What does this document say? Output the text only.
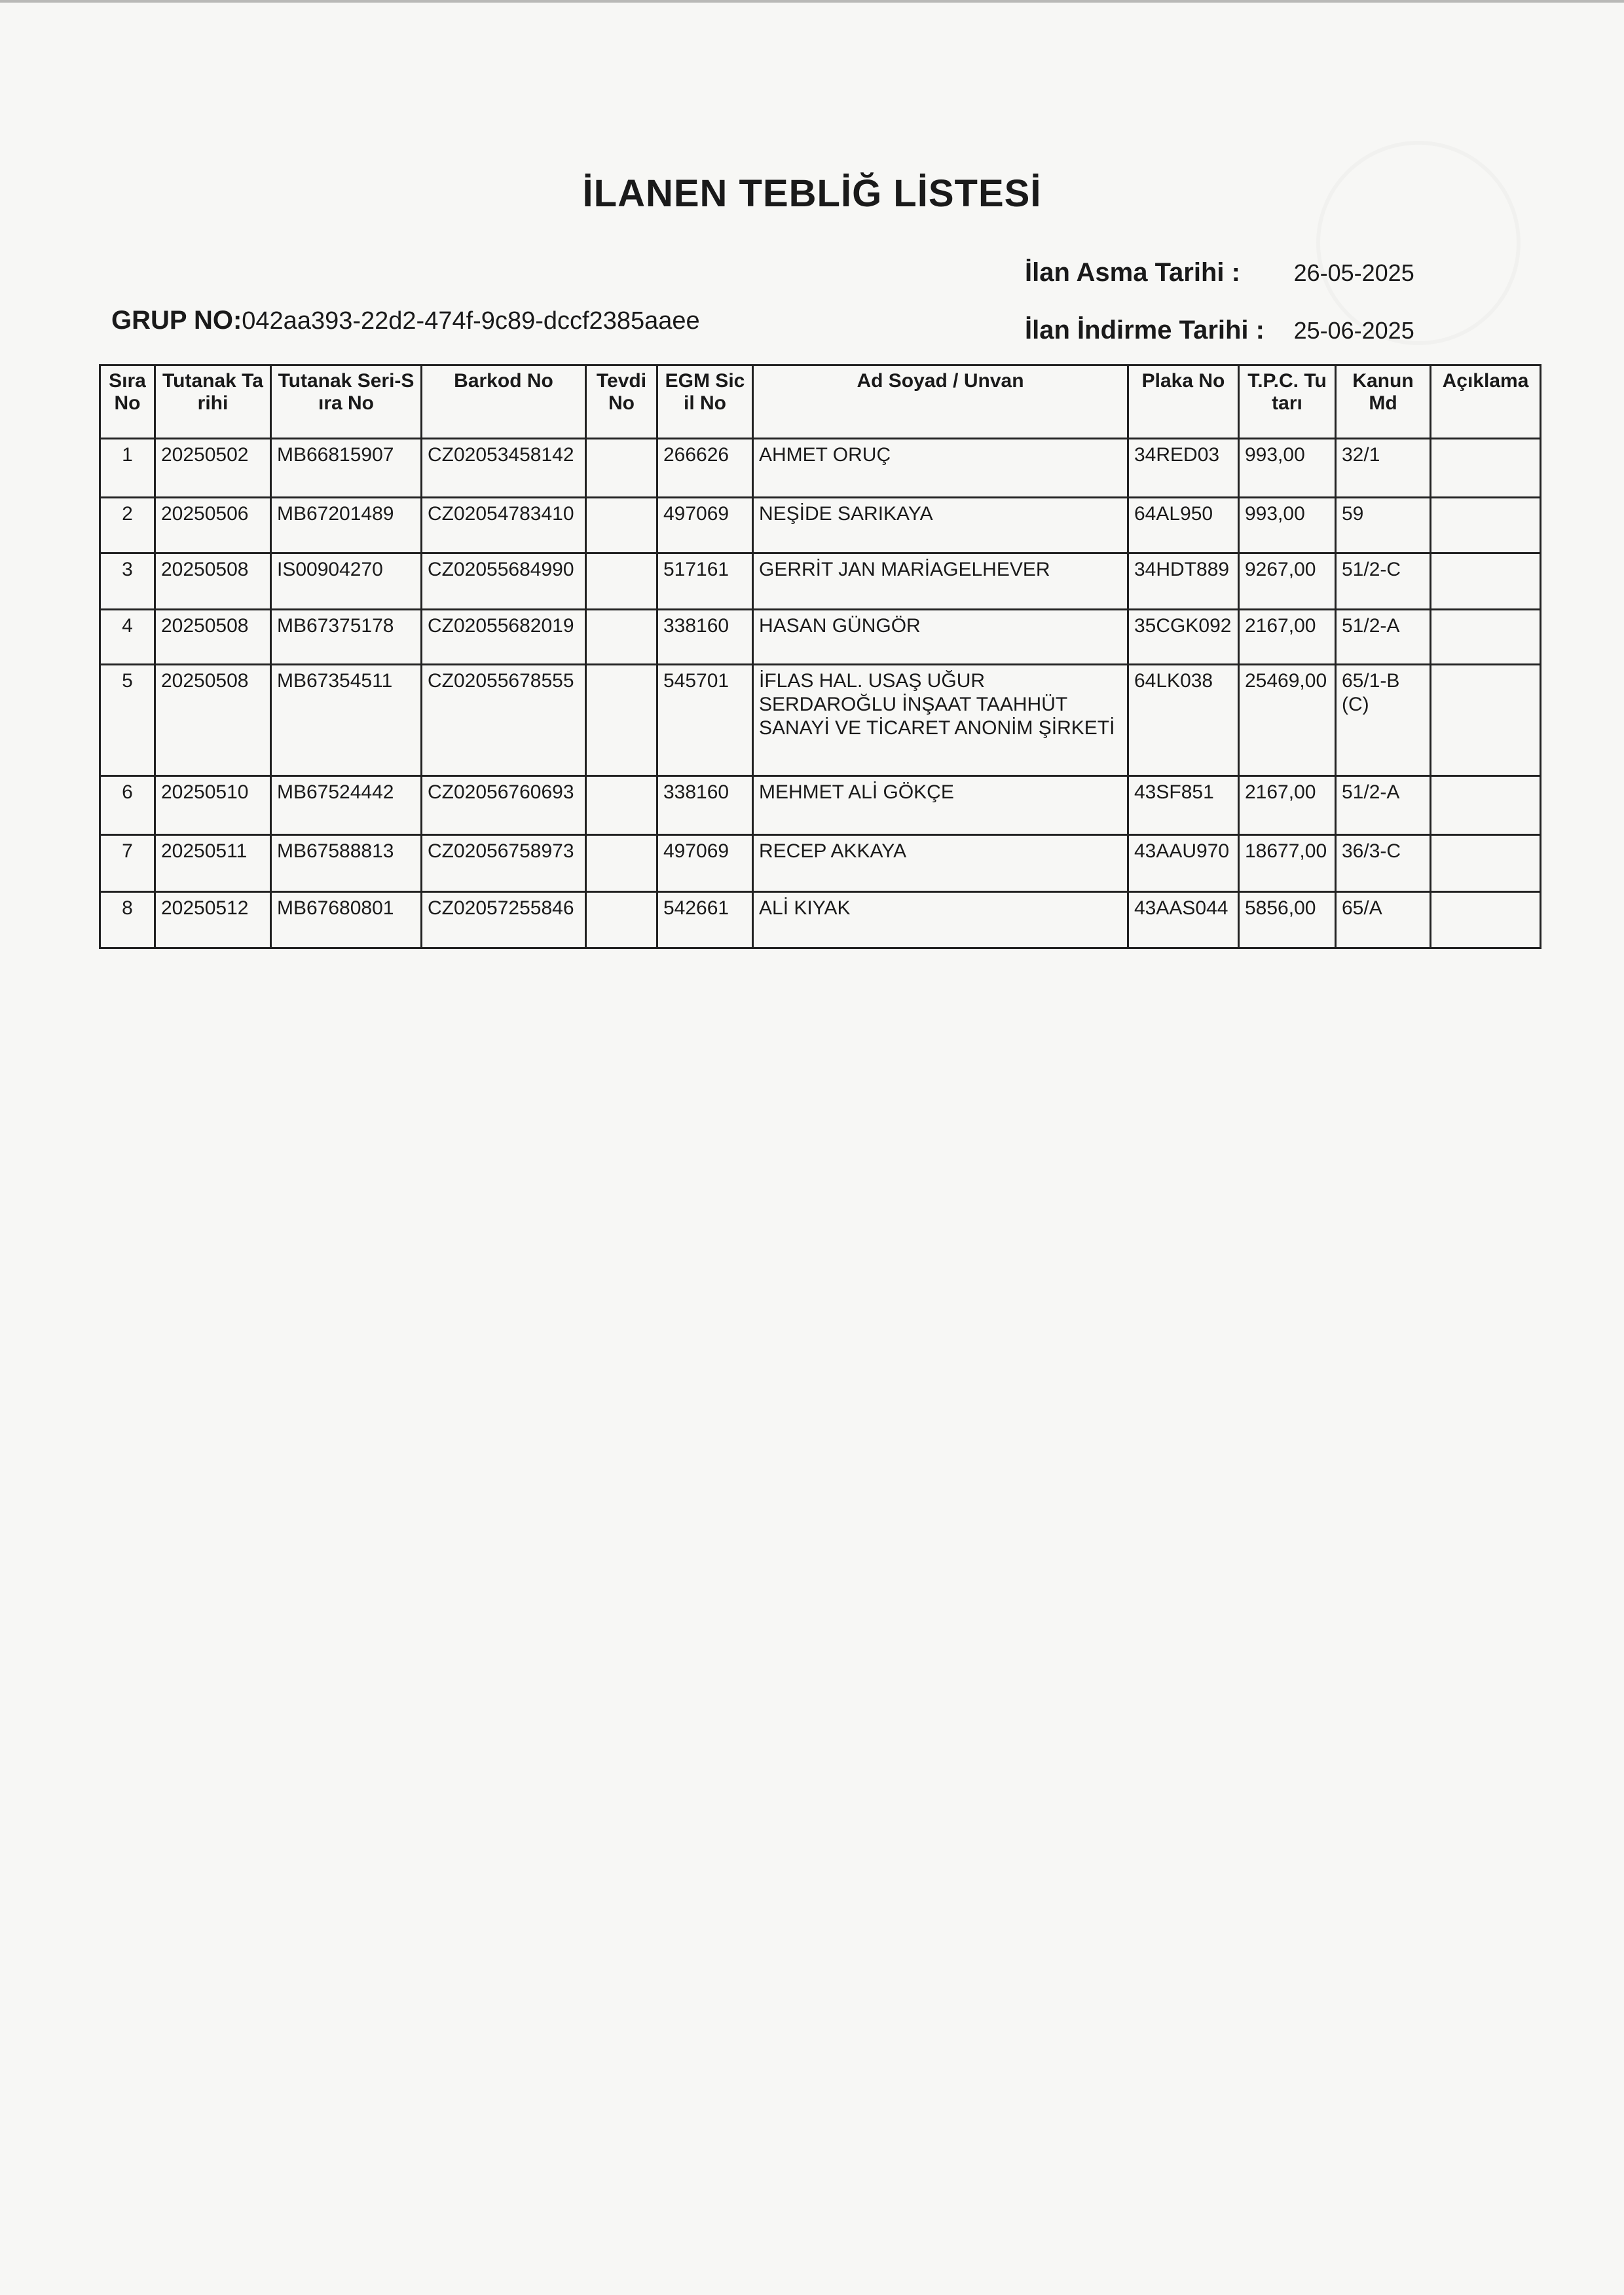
İLANEN TEBLİĞ LİSTESİ
İlan Asma Tarihi : 26-05-2025
İlan İndirme Tarihi : 25-06-2025
GRUP NO:042aa393-22d2-474f-9c89-dccf2385aaee
Sıra No	Tutanak Tarihi	Tutanak Seri-Sıra No	Barkod No	Tevdi No	EGM Sicil No	Ad Soyad / Unvan	Plaka No	T.P.C. Tutarı	Kanun Md	Açıklama
1	20250502	MB66815907	CZ02053458142		266626	AHMET ORUÇ	34RED03	993,00	32/1	
2	20250506	MB67201489	CZ02054783410		497069	NEŞİDE SARIKAYA	64AL950	993,00	59	
3	20250508	IS00904270	CZ02055684990		517161	GERRİT JAN MARİAGELHEVER	34HDT889	9267,00	51/2-C	
4	20250508	MB67375178	CZ02055682019		338160	HASAN GÜNGÖR	35CGK092	2167,00	51/2-A	
5	20250508	MB67354511	CZ02055678555		545701	İFLAS HAL. USAŞ UĞUR SERDAROĞLU İNŞAAT TAAHHÜT SANAYİ VE TİCARET ANONİM ŞİRKETİ	64LK038	25469,00	65/1-B (C)	
6	20250510	MB67524442	CZ02056760693		338160	MEHMET ALİ GÖKÇE	43SF851	2167,00	51/2-A	
7	20250511	MB67588813	CZ02056758973		497069	RECEP AKKAYA	43AAU970	18677,00	36/3-C	
8	20250512	MB67680801	CZ02057255846		542661	ALİ KIYAK	43AAS044	5856,00	65/A	
